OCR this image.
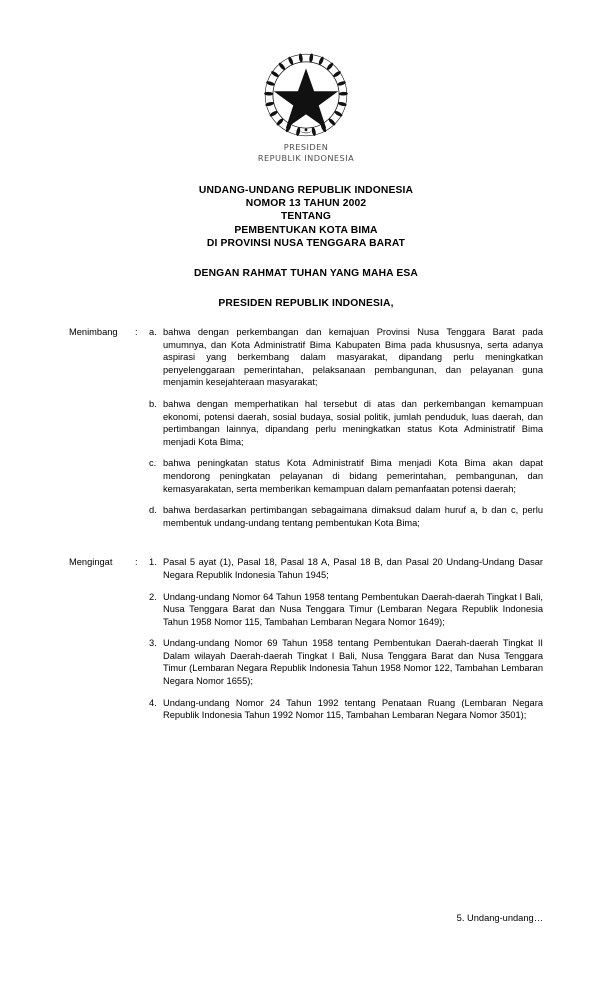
PRESIDEN
REPUBLIK INDONESIA
UNDANG-UNDANG REPUBLIK INDONESIA
NOMOR 13 TAHUN 2002
TENTANG
PEMBENTUKAN KOTA BIMA
DI PROVINSI NUSA TENGGARA BARAT
DENGAN RAHMAT TUHAN YANG MAHA ESA
PRESIDEN REPUBLIK INDONESIA,
Menimbang	:	a. bahwa dengan perkembangan dan kemajuan Provinsi Nusa Tenggara Barat pada umumnya, dan Kota Administratif Bima Kabupaten Bima pada khususnya, serta adanya aspirasi yang berkembang dalam masyarakat, dipandang perlu meningkatkan penyelenggaraan pemerintahan, pelaksanaan pembangunan, dan pelayanan guna menjamin kesejahteraan masyarakat;
b. bahwa dengan memperhatikan hal tersebut di atas dan perkembangan kemampuan ekonomi, potensi daerah, sosial budaya, sosial politik, jumlah penduduk, luas daerah, dan pertimbangan lainnya, dipandang perlu meningkatkan status Kota Administratif Bima menjadi Kota Bima;
c. bahwa peningkatan status Kota Administratif Bima menjadi Kota Bima akan dapat mendorong peningkatan pelayanan di bidang pemerintahan, pembangunan, dan kemasyarakatan, serta memberikan kemampuan dalam pemanfaatan potensi daerah;
d. bahwa berdasarkan pertimbangan sebagaimana dimaksud dalam huruf a, b dan c, perlu membentuk undang-undang tentang pembentukan Kota Bima;
Mengingat	:	1. Pasal 5 ayat (1), Pasal 18, Pasal 18 A, Pasal 18 B, dan Pasal 20 Undang-Undang Dasar Negara Republik Indonesia Tahun 1945;
2. Undang-undang Nomor 64 Tahun 1958 tentang Pembentukan Daerah-daerah Tingkat I Bali, Nusa Tenggara Barat dan Nusa Tenggara Timur (Lembaran Negara Republik Indonesia Tahun 1958 Nomor 115, Tambahan Lembaran Negara Nomor 1649);
3. Undang-undang Nomor 69 Tahun 1958 tentang Pembentukan Daerah-daerah Tingkat II Dalam wilayah Daerah-daerah Tingkat I Bali, Nusa Tenggara Barat dan Nusa Tenggara Timur (Lembaran Negara Republik Indonesia Tahun 1958 Nomor 122, Tambahan Lembaran Negara Nomor 1655);
4. Undang-undang Nomor 24 Tahun 1992 tentang Penataan Ruang (Lembaran Negara Republik Indonesia Tahun 1992 Nomor 115, Tambahan Lembaran Negara Nomor 3501);
5. Undang-undang…
